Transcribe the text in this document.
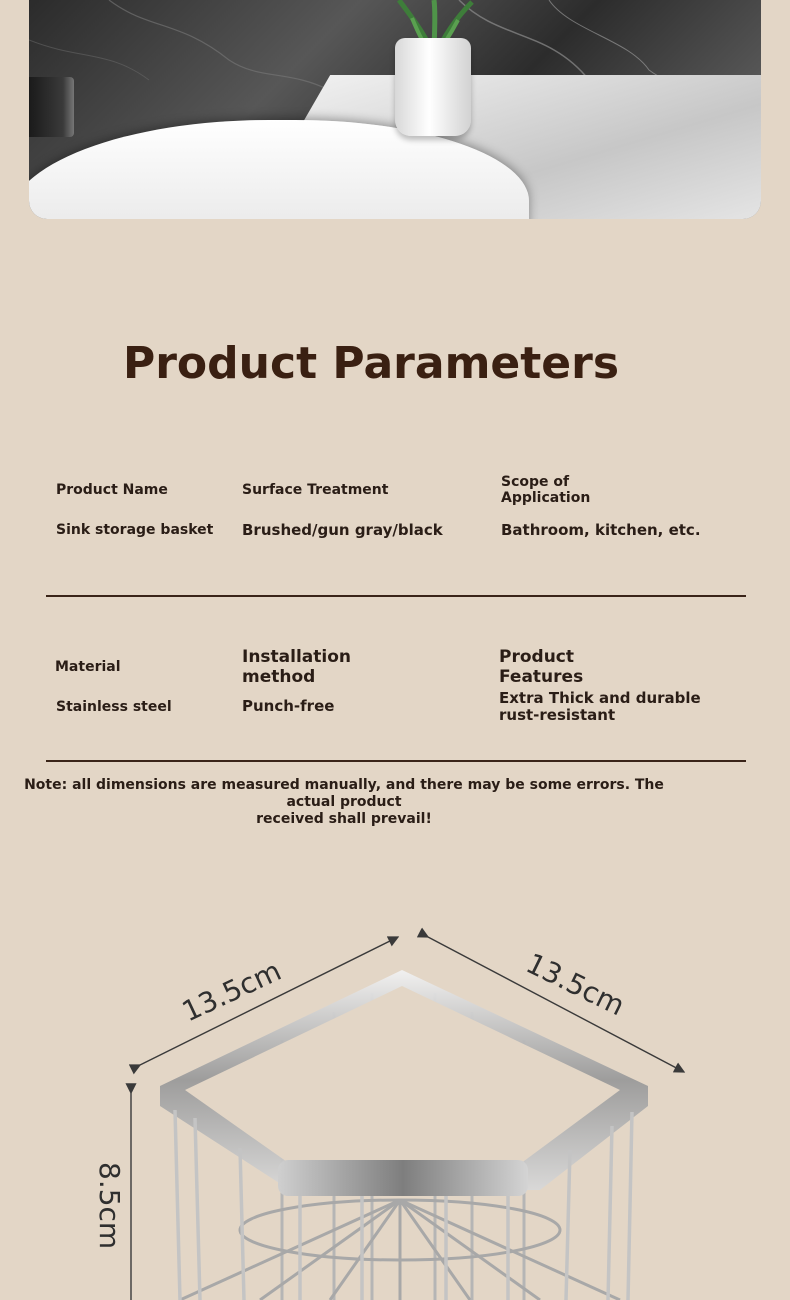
Product Parameters
Product Name
Sink storage basket
Surface Treatment
Brushed/gun gray/black
Scope of
Application
Bathroom, kitchen, etc.
Material
Stainless steel
Installation
method
Punch-free
Product
Features
Extra Thick and durable
rust-resistant
Note: all dimensions are measured manually, and there may be some errors. The actual product
received shall prevail!
13.5cm	13.5cm
8.5cm
